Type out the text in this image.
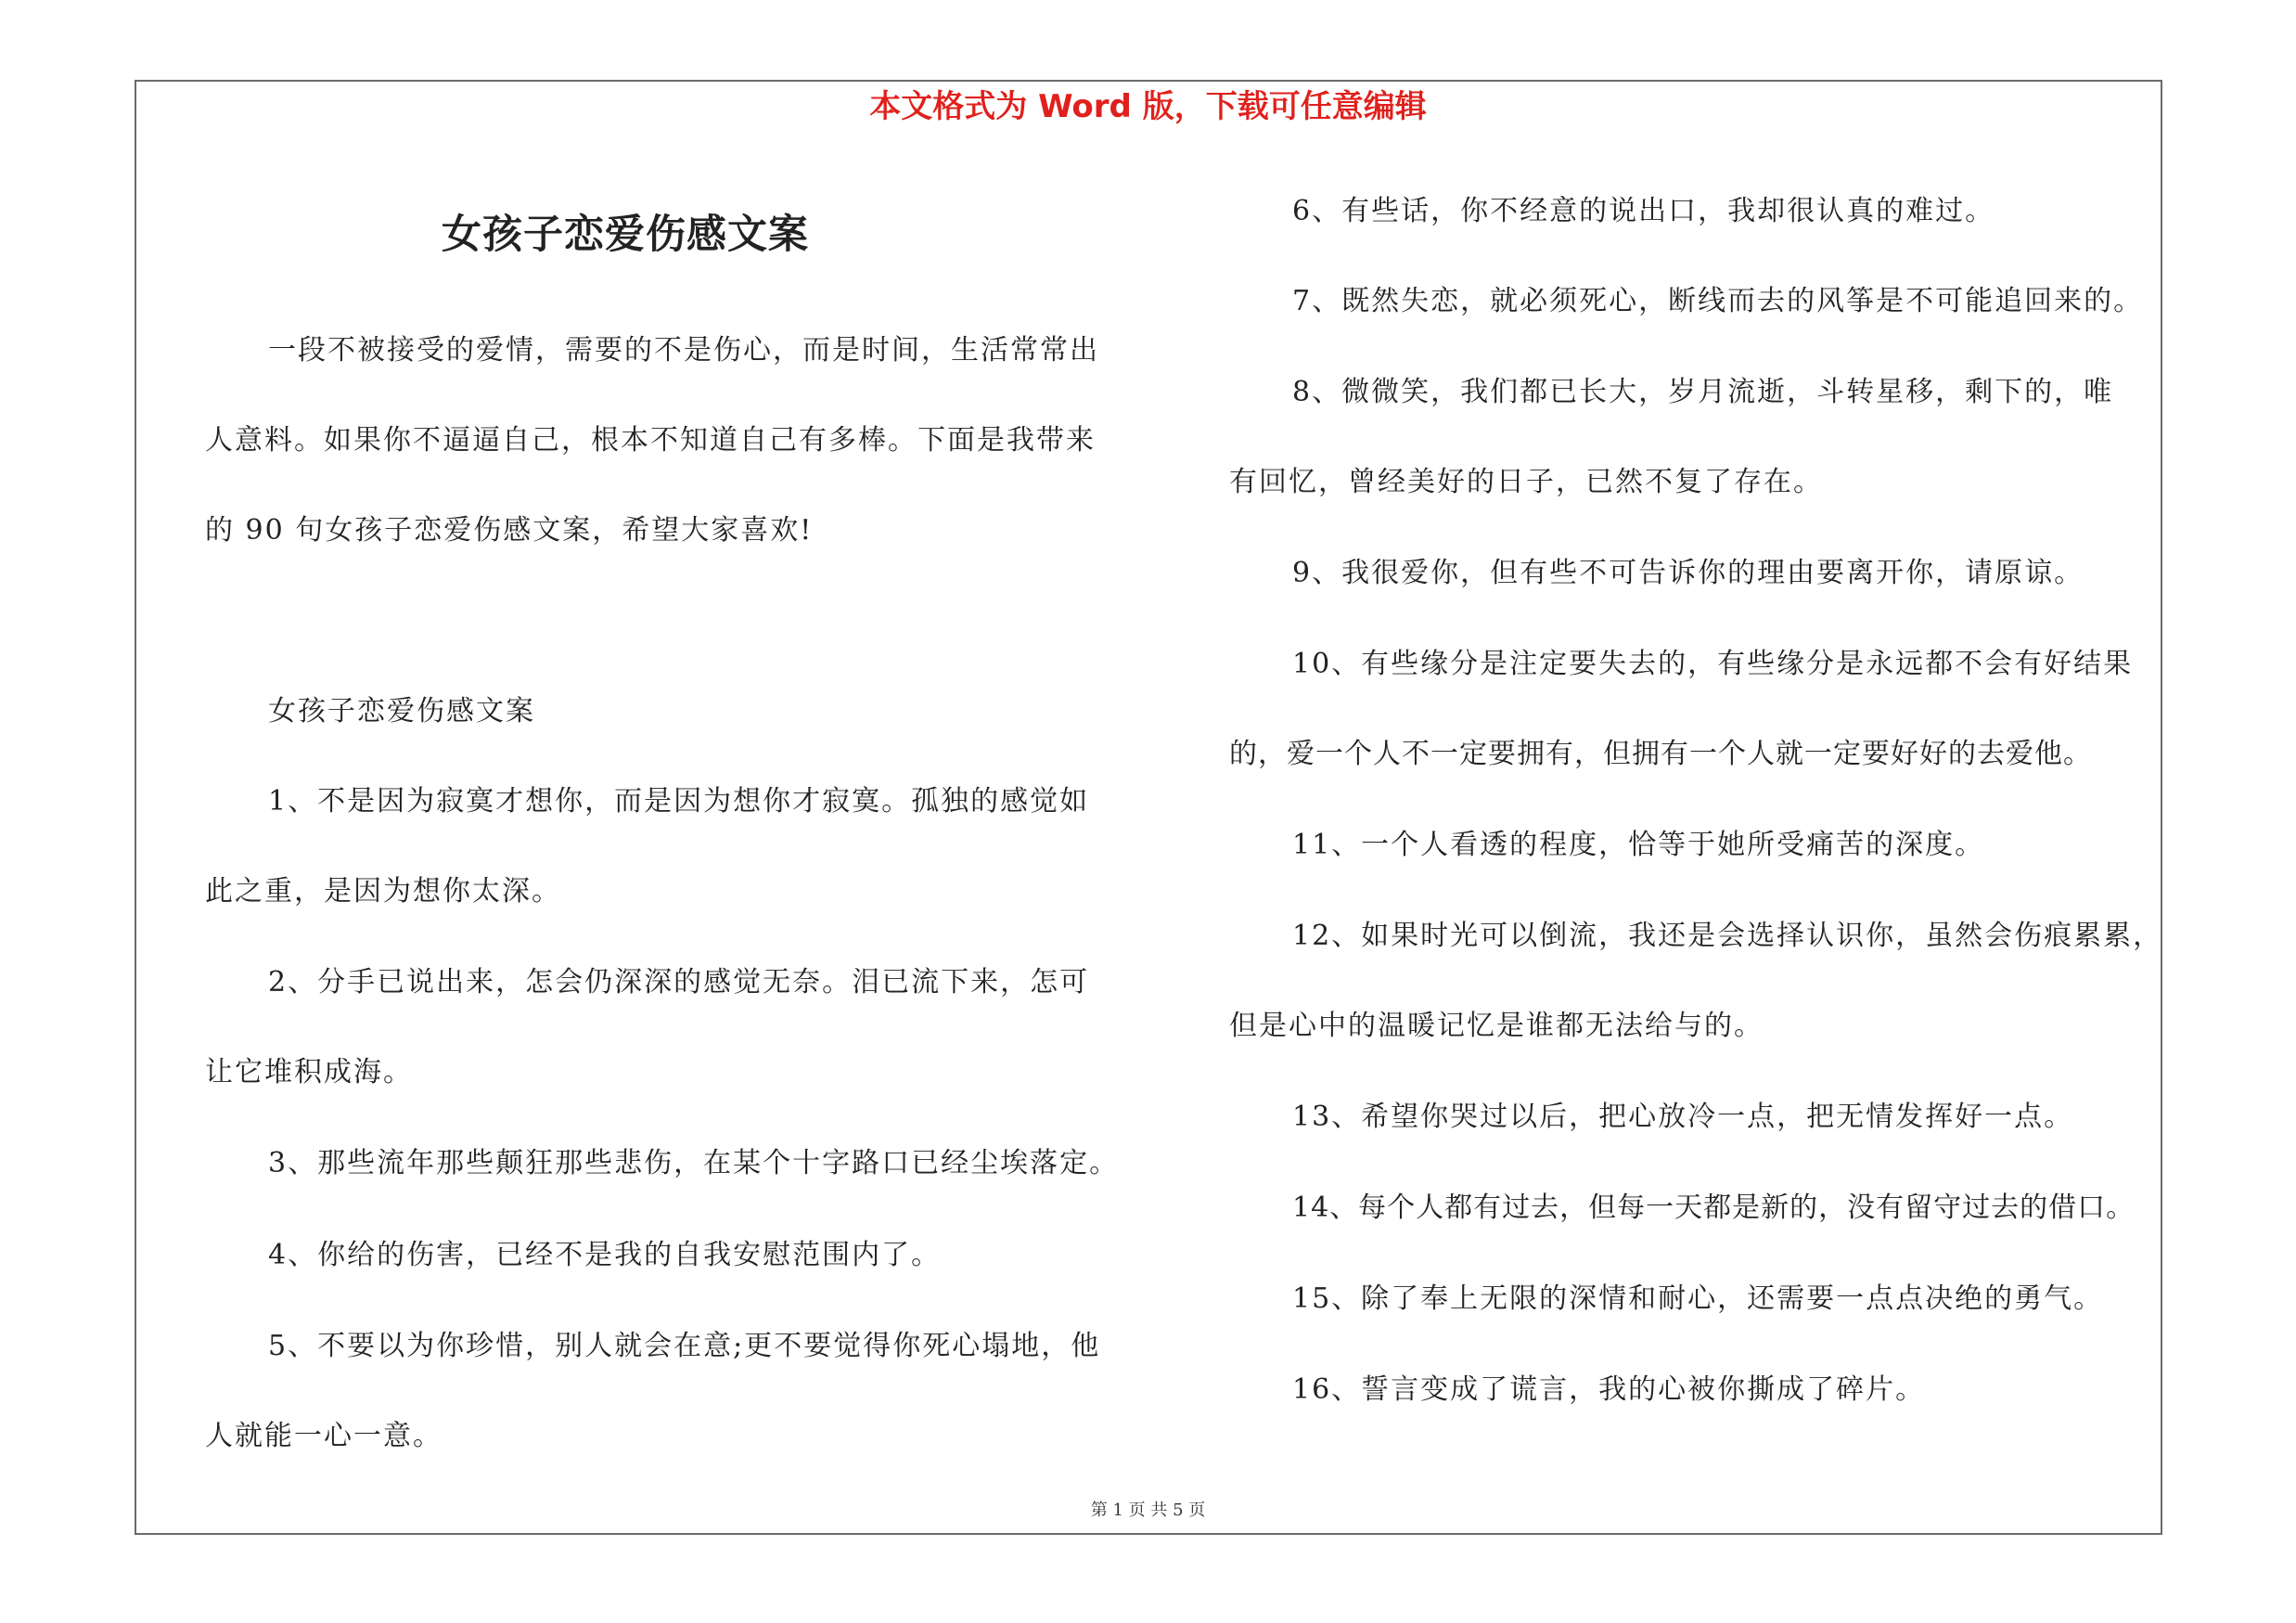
本文格式为 Word 版，下载可任意编辑
女孩子恋爱伤感文案
一段不被接受的爱情，需要的不是伤心，而是时间，生活常常出
人意料。如果你不逼逼自己，根本不知道自己有多棒。下面是我带来
的 90 句女孩子恋爱伤感文案，希望大家喜欢!
女孩子恋爱伤感文案
1、不是因为寂寞才想你，而是因为想你才寂寞。孤独的感觉如
此之重，是因为想你太深。
2、分手已说出来，怎会仍深深的感觉无奈。泪已流下来，怎可
让它堆积成海。
3、那些流年那些颠狂那些悲伤，在某个十字路口已经尘埃落定。
4、你给的伤害，已经不是我的自我安慰范围内了。
5、不要以为你珍惜，别人就会在意;更不要觉得你死心塌地，他
人就能一心一意。
6、有些话，你不经意的说出口，我却很认真的难过。
7、既然失恋，就必须死心，断线而去的风筝是不可能追回来的。
8、微微笑，我们都已长大，岁月流逝，斗转星移，剩下的，唯
有回忆，曾经美好的日子，已然不复了存在。
9、我很爱你，但有些不可告诉你的理由要离开你，请原谅。
10、有些缘分是注定要失去的，有些缘分是永远都不会有好结果
的，爱一个人不一定要拥有，但拥有一个人就一定要好好的去爱他。
11、一个人看透的程度，恰等于她所受痛苦的深度。
12、如果时光可以倒流，我还是会选择认识你，虽然会伤痕累累，
但是心中的温暖记忆是谁都无法给与的。
13、希望你哭过以后，把心放冷一点，把无情发挥好一点。
14、每个人都有过去，但每一天都是新的，没有留守过去的借口。
15、除了奉上无限的深情和耐心，还需要一点点决绝的勇气。
16、誓言变成了谎言，我的心被你撕成了碎片。
第 1 页 共 5 页
